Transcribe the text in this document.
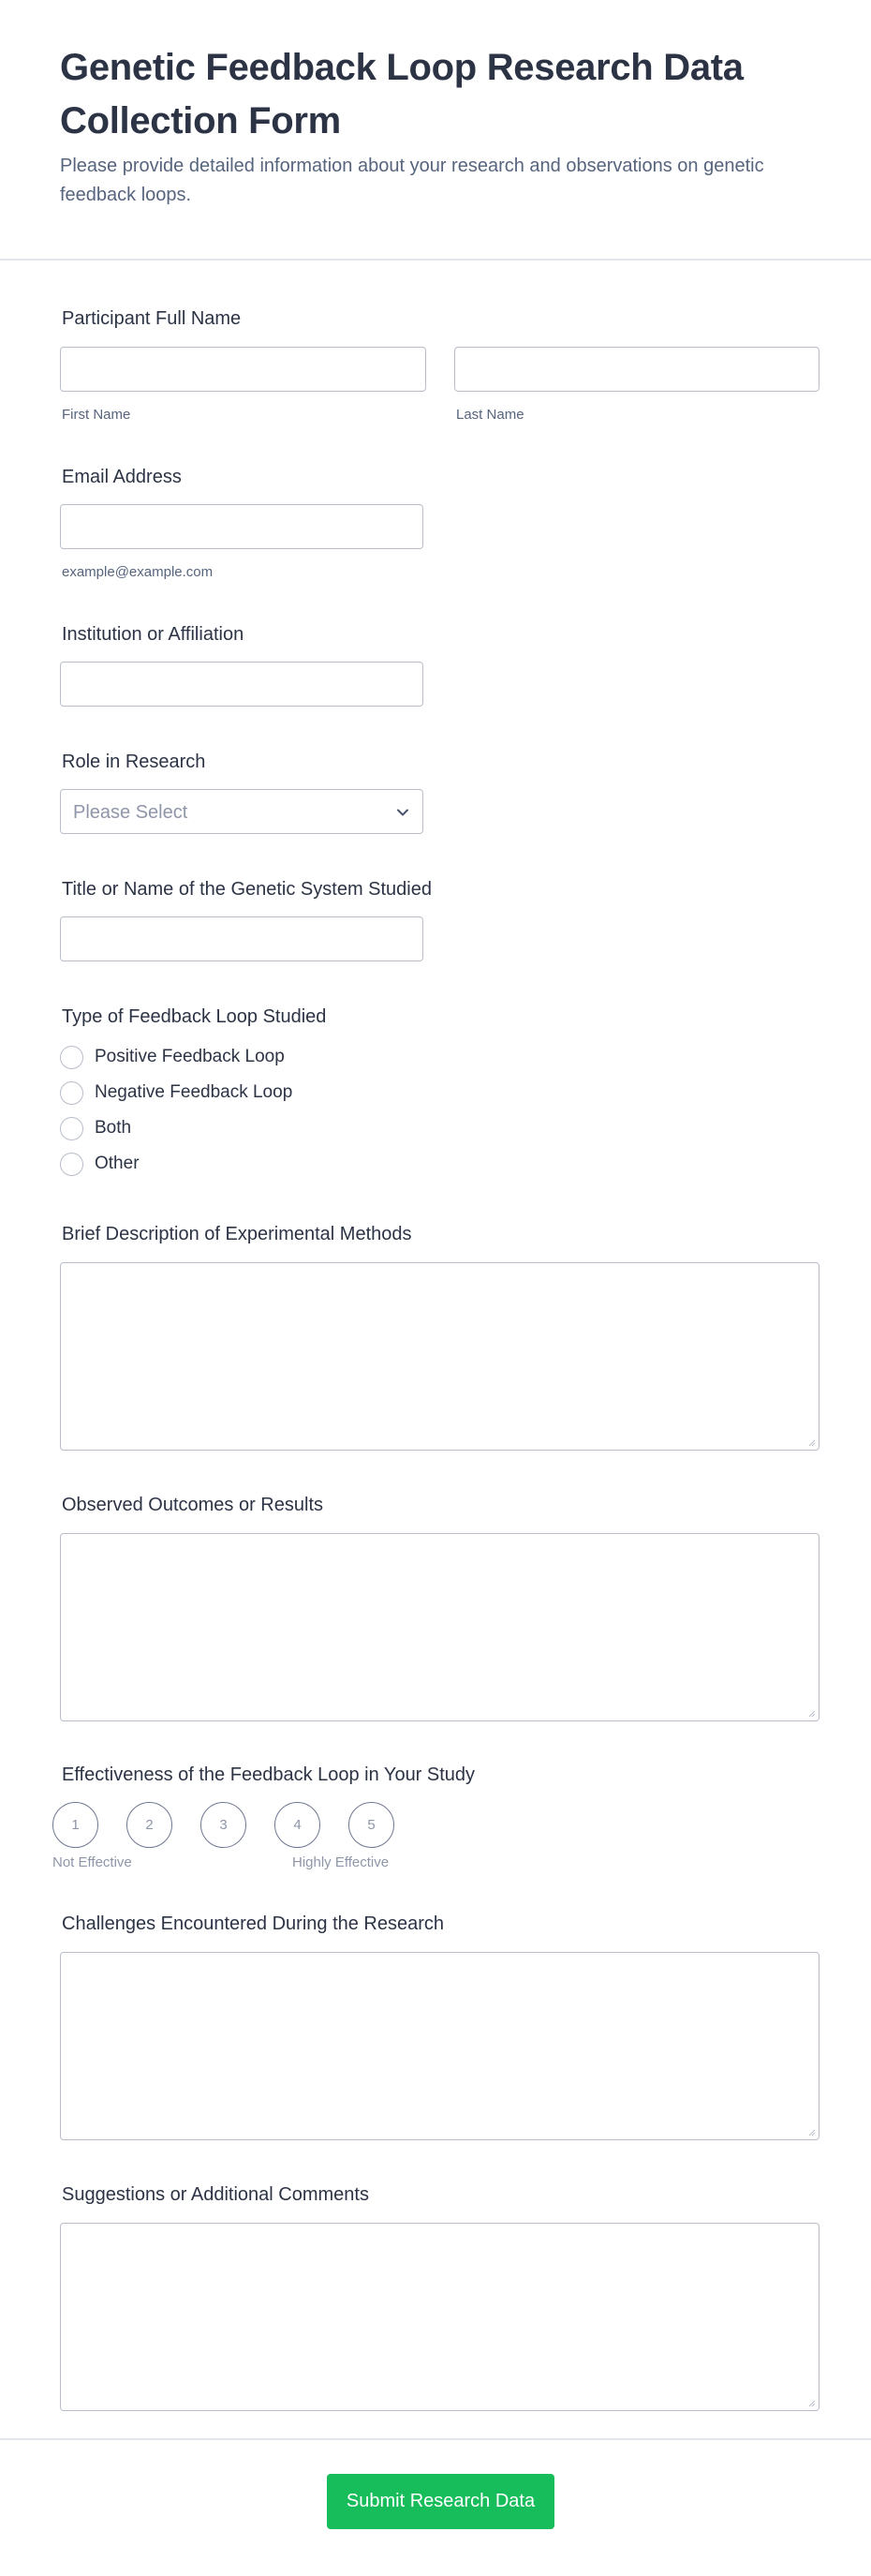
Genetic Feedback Loop Research Data Collection Form

Please provide detailed information about your research and observations on genetic feedback loops.

Participant Full Name
First Name	Last Name
Email Address
example@example.com
Institution or Affiliation
Role in Research
Please Select
Title or Name of the Genetic System Studied
Type of Feedback Loop Studied
Positive Feedback Loop
Negative Feedback Loop
Both
Other
Brief Description of Experimental Methods
Observed Outcomes or Results
Effectiveness of the Feedback Loop in Your Study
1	2	3	4	5
Not Effective	Highly Effective
Challenges Encountered During the Research
Suggestions or Additional Comments
Submit Research Data
